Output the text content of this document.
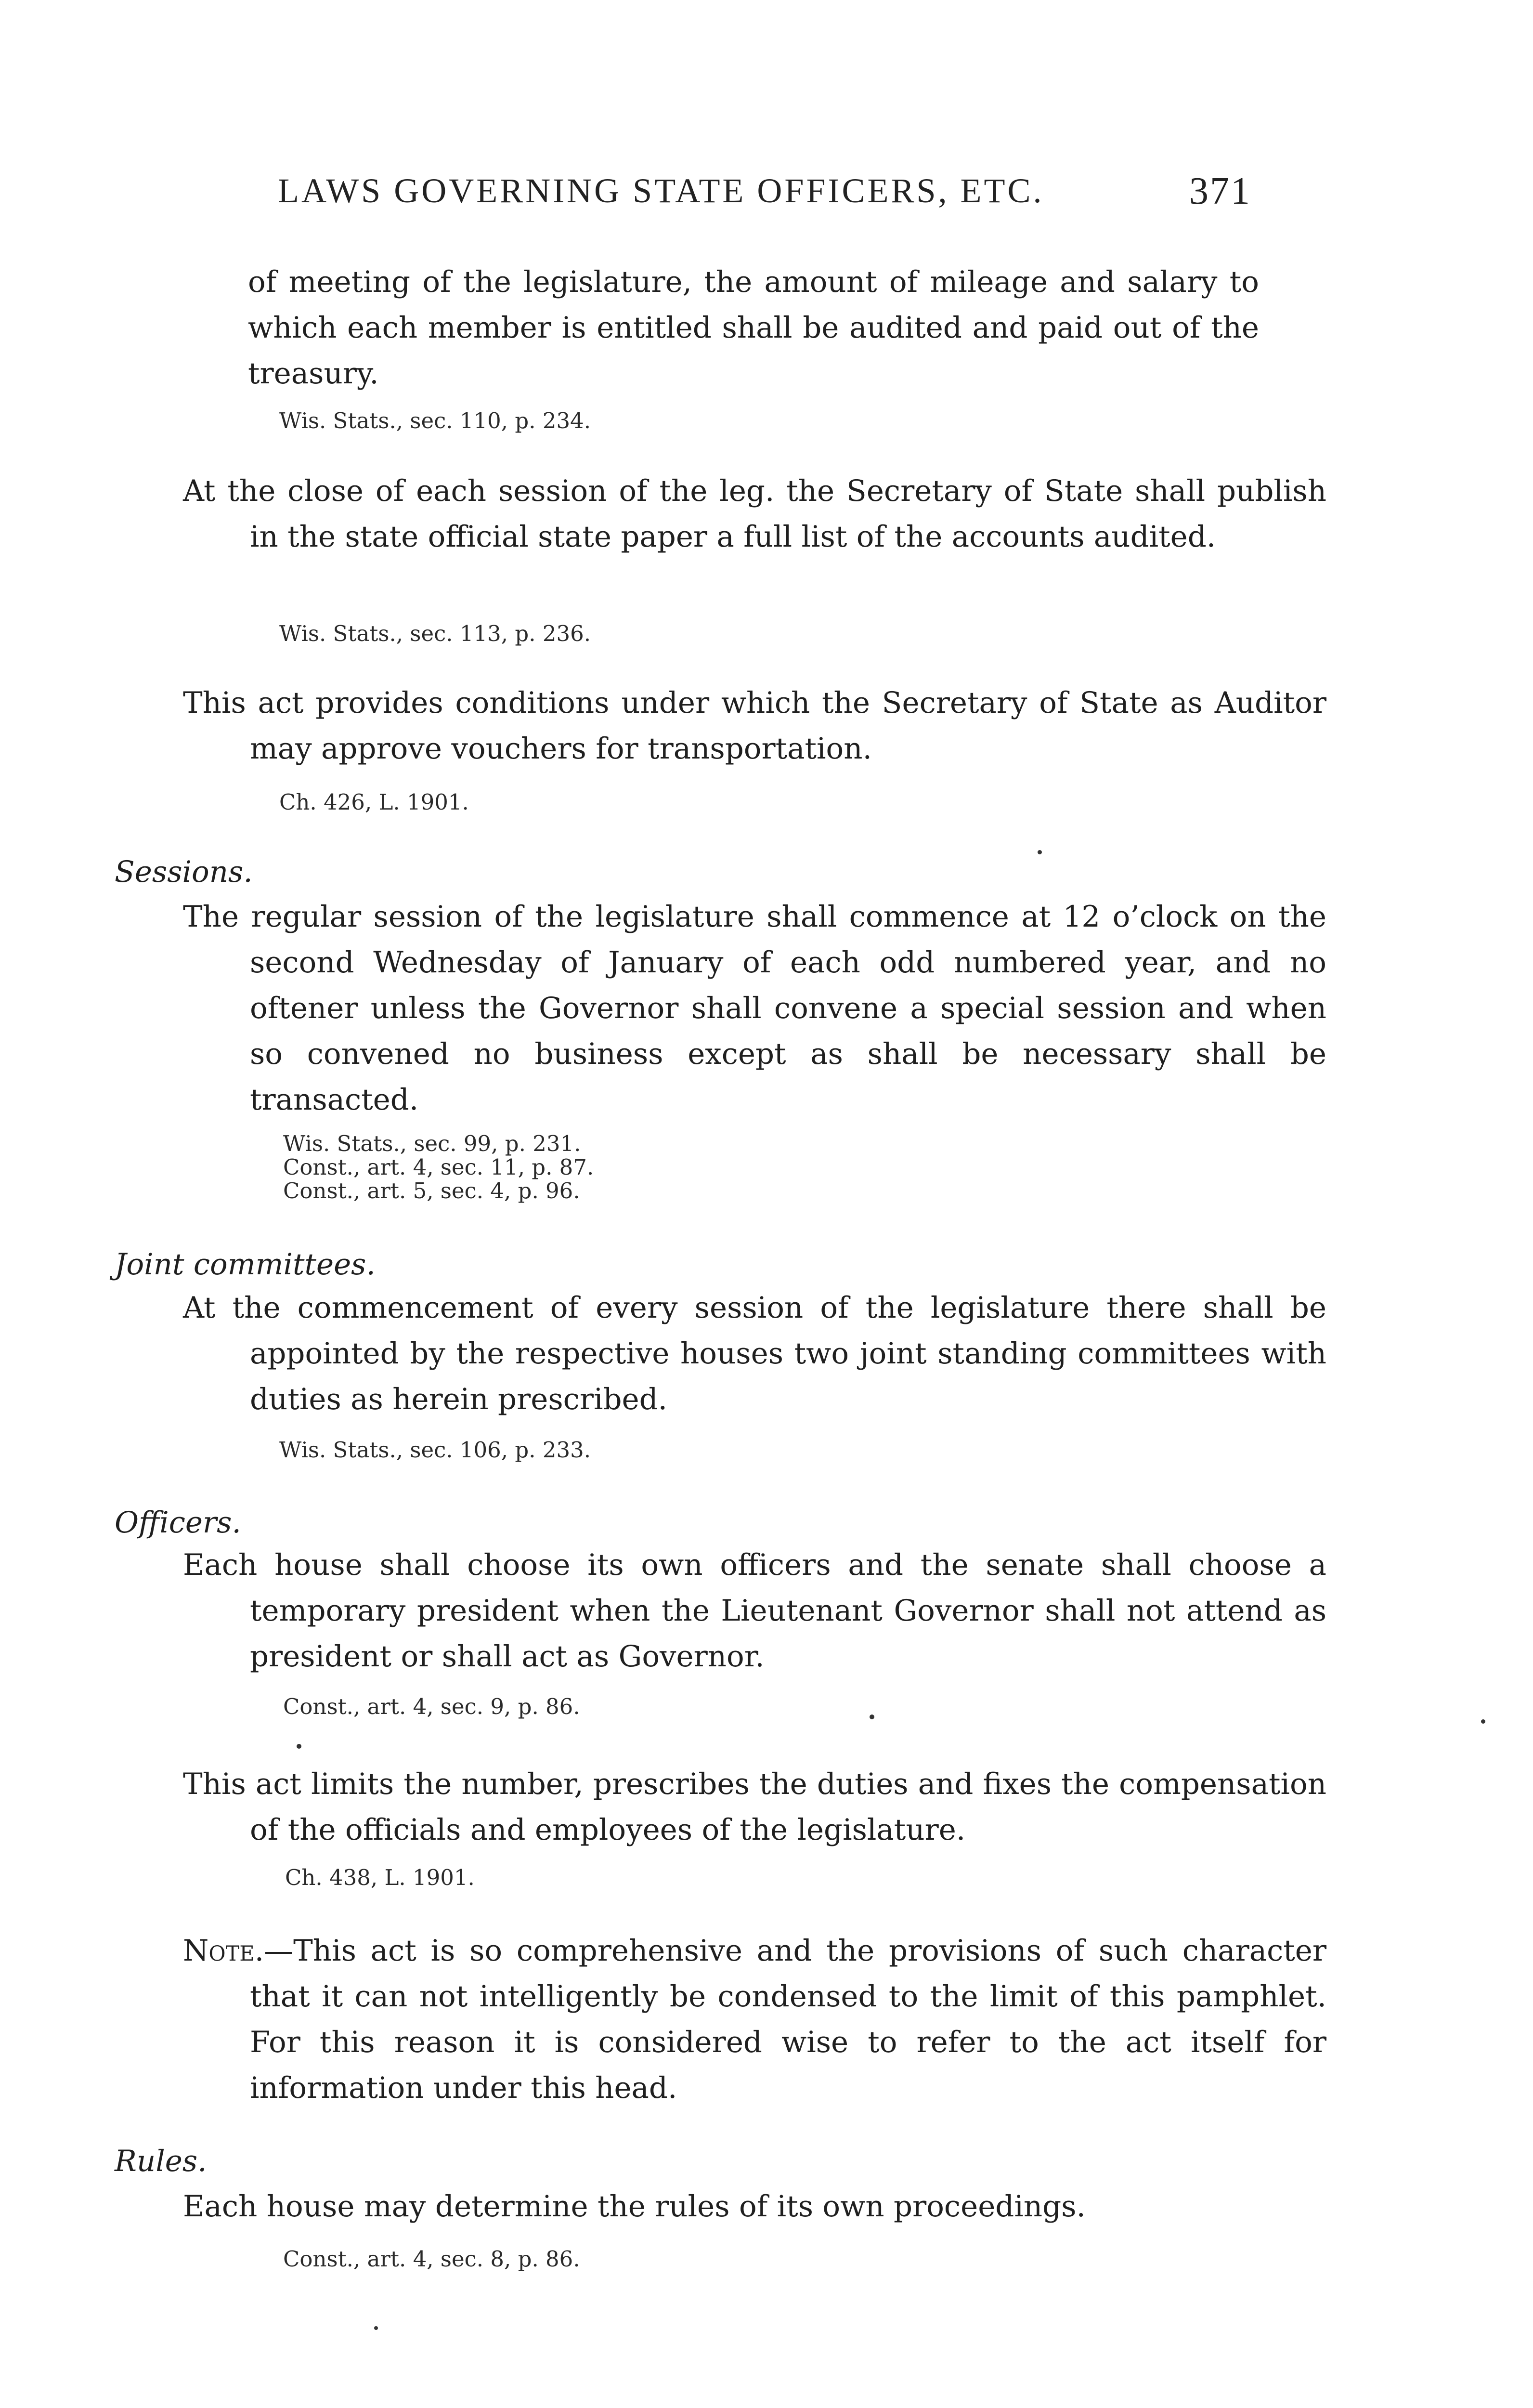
LAWS GOVERNING STATE OFFICERS, ETC.	371
of meeting of the legislature, the amount of mileage and salary to which each member is entitled shall be audited and paid out of the treasury.
Wis. Stats., sec. 110, p. 234.
At the close of each session of the leg. the Secretary of State shall publish in the state official state paper a full list of the accounts audited.
Wis. Stats., sec. 113, p. 236.
This act provides conditions under which the Secretary of State as Auditor may approve vouchers for transportation.
Ch. 426, L. 1901.
Sessions.
The regular session of the legislature shall commence at 12 o’clock on the second Wednesday of January of each odd numbered year, and no oftener unless the Governor shall convene a special session and when so convened no business except as shall be necessary shall be transacted.
Wis. Stats., sec. 99, p. 231.
Const., art. 4, sec. 11, p. 87.
Const., art. 5, sec. 4, p. 96.
Joint committees.
At the commencement of every session of the legislature there shall be appointed by the respective houses two joint standing committees with duties as herein prescribed.
Wis. Stats., sec. 106, p. 233.
Officers.
Each house shall choose its own officers and the senate shall choose a temporary president when the Lieutenant Governor shall not attend as president or shall act as Governor.
Const., art. 4, sec. 9, p. 86.
This act limits the number, prescribes the duties and fixes the compensation of the officials and employees of the legislature.
Ch. 438, L. 1901.
Note.—This act is so comprehensive and the provisions of such character that it can not intelligently be condensed to the limit of this pamphlet. For this reason it is considered wise to refer to the act itself for information under this head.
Rules.
Each house may determine the rules of its own proceedings.
Const., art. 4, sec. 8, p. 86.
